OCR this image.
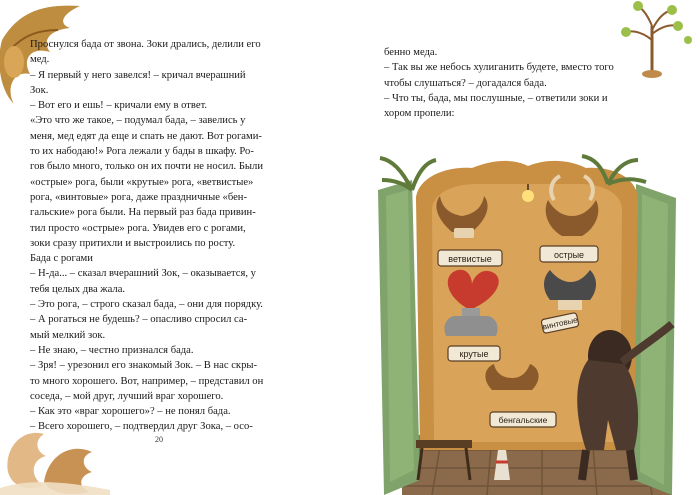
Проснулся бада от звона. Зоки дрались, делили его

мед.

– Я первый у него завелся! – кричал вчерашний

Зок.

– Вот его и ешь! – кричали ему в ответ.

«Это что же такое, – подумал бада, – завелись у

меня, мед едят да еще и спать не дают. Вот рогами-

то их набодаю!» Рога лежали у бады в шкафу. Ро-

гов было много, только он их почти не носил. Были

«острые» рога, были «крутые» рога, «ветвистые»

рога, «винтовые» рога, даже праздничные «бен-

гальские» рога были. На первый раз бада привин-

тил просто «острые» рога. Увидев его с рогами,

зоки сразу притихли и выстроились по росту.

Бада с рогами

– Н-да... – сказал вчерашний Зок, – оказывается, у

тебя целых два жала.

– Это рога, – строго сказал бада, – они для порядку.

– А рогаться не будешь? – опасливо спросил са-

мый мелкий зок.

– Не знаю, – честно признался бада.

– Зря! – урезонил его знакомый Зок. – В нас скры-

то много хорошего. Вот, например, – представил он

соседа, – мой друг, лучший враг хорошего.

– Как это «враг хорошего»? – не понял бада.

– Всего хорошего, – подтвердил друг Зока, – осо-

20

бенно меда.

– Так вы же небось хулиганить будете, вместо того

чтобы слушаться? – догадался бада.

– Что ты, бада, мы послушные, – ответили зоки и

хором пропели:

ветвистые	острые
винтовые
крутые
бенгальские
